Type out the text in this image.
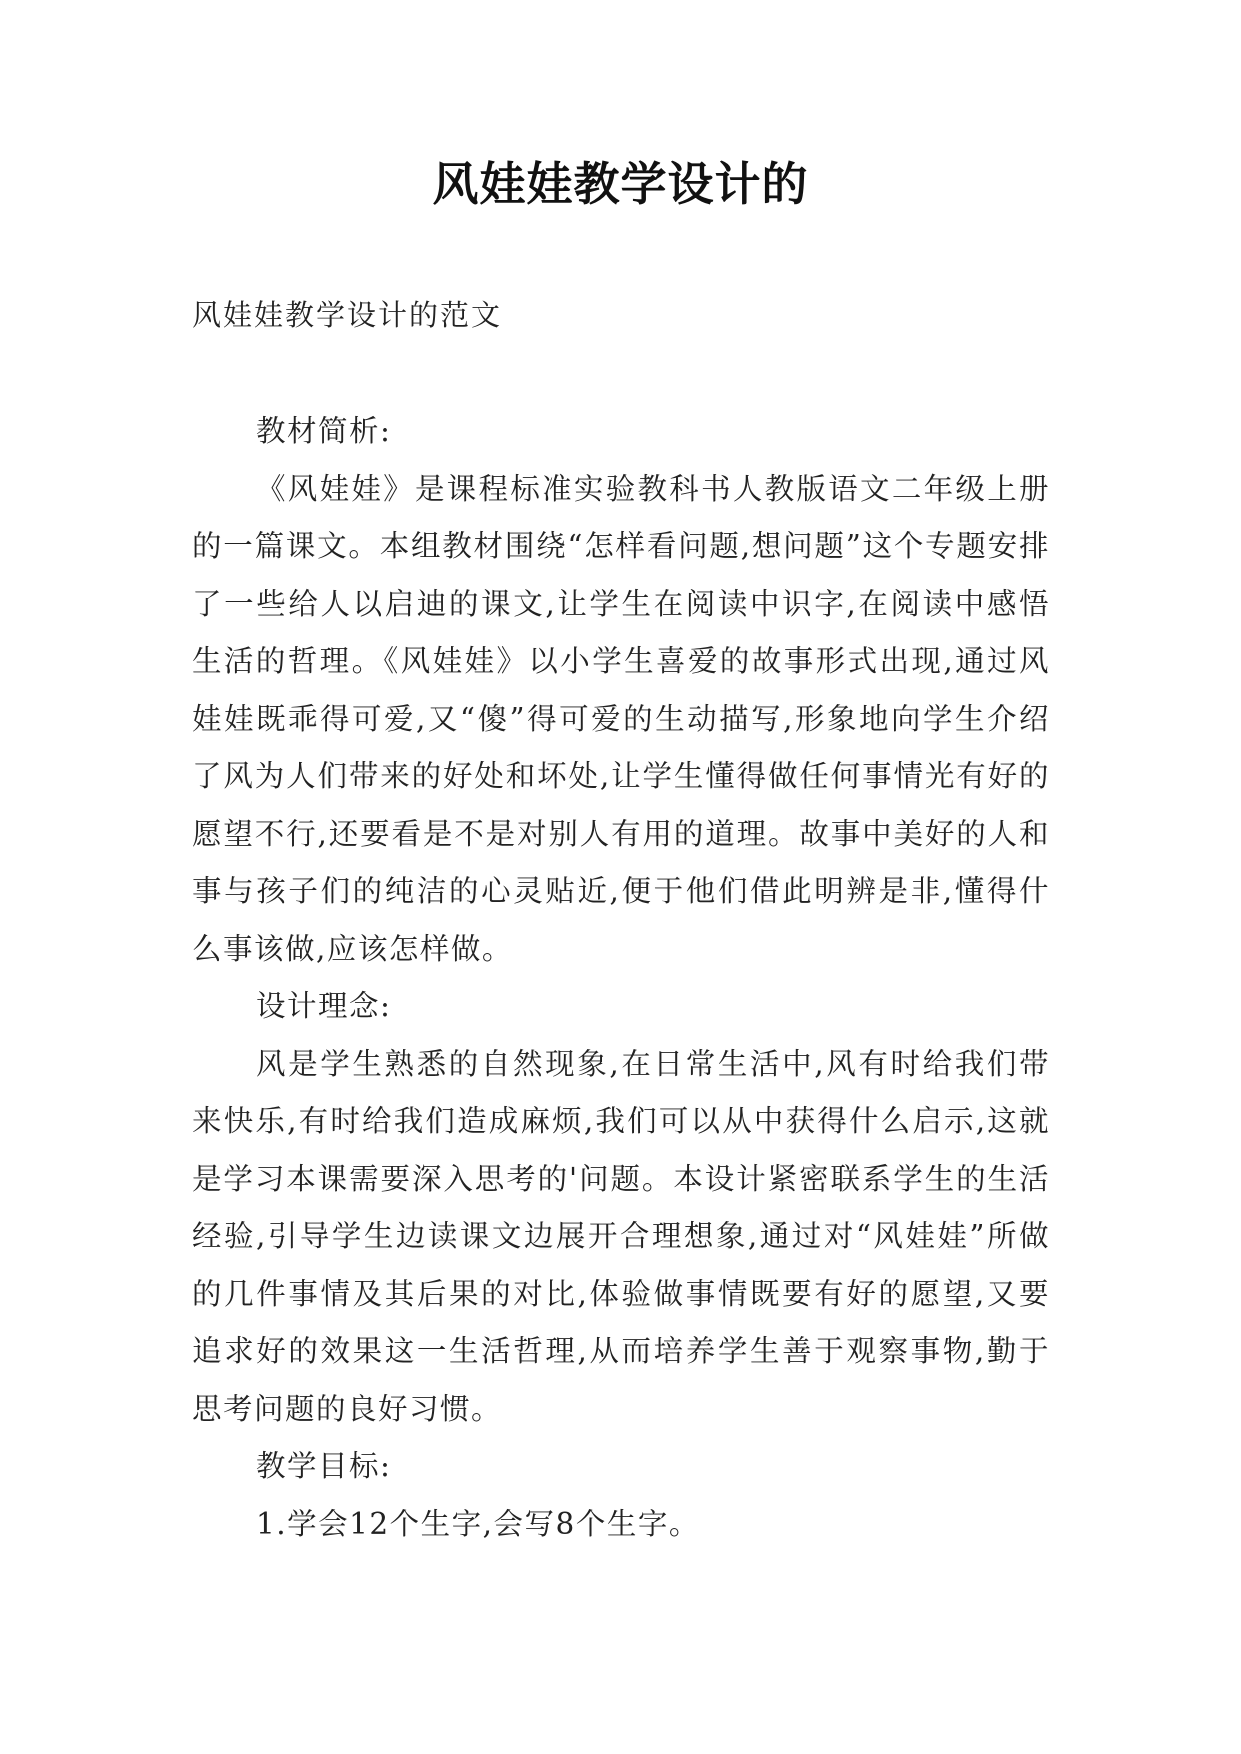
风娃娃教学设计的
风娃娃教学设计的范文

教材简析:

《风娃娃》是课程标准实验教科书人教版语文二年级上册的一篇课文。本组教材围绕“怎样看问题,想问题”这个专题安排了一些给人以启迪的课文,让学生在阅读中识字,在阅读中感悟生活的哲理。《风娃娃》以小学生喜爱的故事形式出现,通过风娃娃既乖得可爱,又“傻”得可爱的生动描写,形象地向学生介绍了风为人们带来的好处和坏处,让学生懂得做任何事情光有好的愿望不行,还要看是不是对别人有用的道理。故事中美好的人和事与孩子们的纯洁的心灵贴近,便于他们借此明辨是非,懂得什么事该做,应该怎样做。

设计理念:

风是学生熟悉的自然现象,在日常生活中,风有时给我们带来快乐,有时给我们造成麻烦,我们可以从中获得什么启示,这就是学习本课需要深入思考的'问题。本设计紧密联系学生的生活经验,引导学生边读课文边展开合理想象,通过对“风娃娃”所做的几件事情及其后果的对比,体验做事情既要有好的愿望,又要追求好的效果这一生活哲理,从而培养学生善于观察事物,勤于思考问题的良好习惯。

教学目标:

1.学会12个生字,会写8个生字。
